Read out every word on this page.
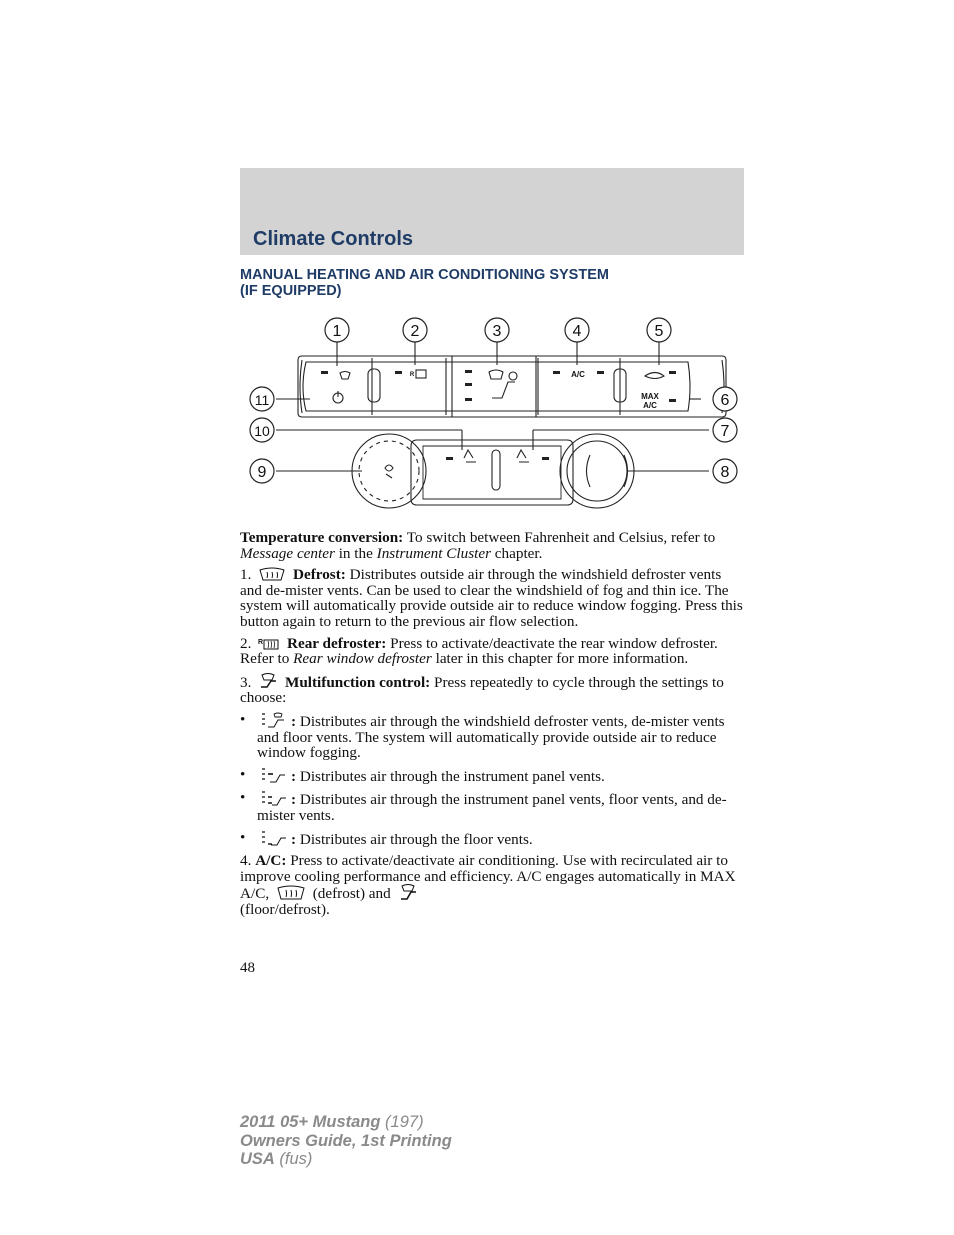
Climate Controls
MANUAL HEATING AND AIR CONDITIONING SYSTEM
(IF EQUIPPED)
1	2	3	4	5
6
7
8
9
10
11
A/C
MAX
A/C
R

Temperature conversion: To switch between Fahrenheit and Celsius, refer to Message center in the Instrument Cluster chapter.

1.	Defrost: Distributes outside air through the windshield defroster vents and de-mister vents. Can be used to clear the windshield of fog and thin ice. The system will automatically provide outside air to reduce window fogging. Press this button again to return to the previous air flow selection.

2. R Rear defroster: Press to activate/deactivate the rear window defroster. Refer to Rear window defroster later in this chapter for more information.

3. Multifunction control: Press repeatedly to cycle through the settings to choose:

•	: Distributes air through the windshield defroster vents, de-mister vents and floor vents. The system will automatically provide outside air to reduce window fogging.
•	: Distributes air through the instrument panel vents.
•	: Distributes air through the instrument panel vents, floor vents, and de-mister vents.
•	: Distributes air through the floor vents.

4. A/C: Press to activate/deactivate air conditioning. Use with recirculated air to improve cooling performance and efficiency. A/C engages automatically in MAX A/C,  (defrost) and
(floor/defrost).

48
2011 05+ Mustang (197)
Owners Guide, 1st Printing
USA (fus)
